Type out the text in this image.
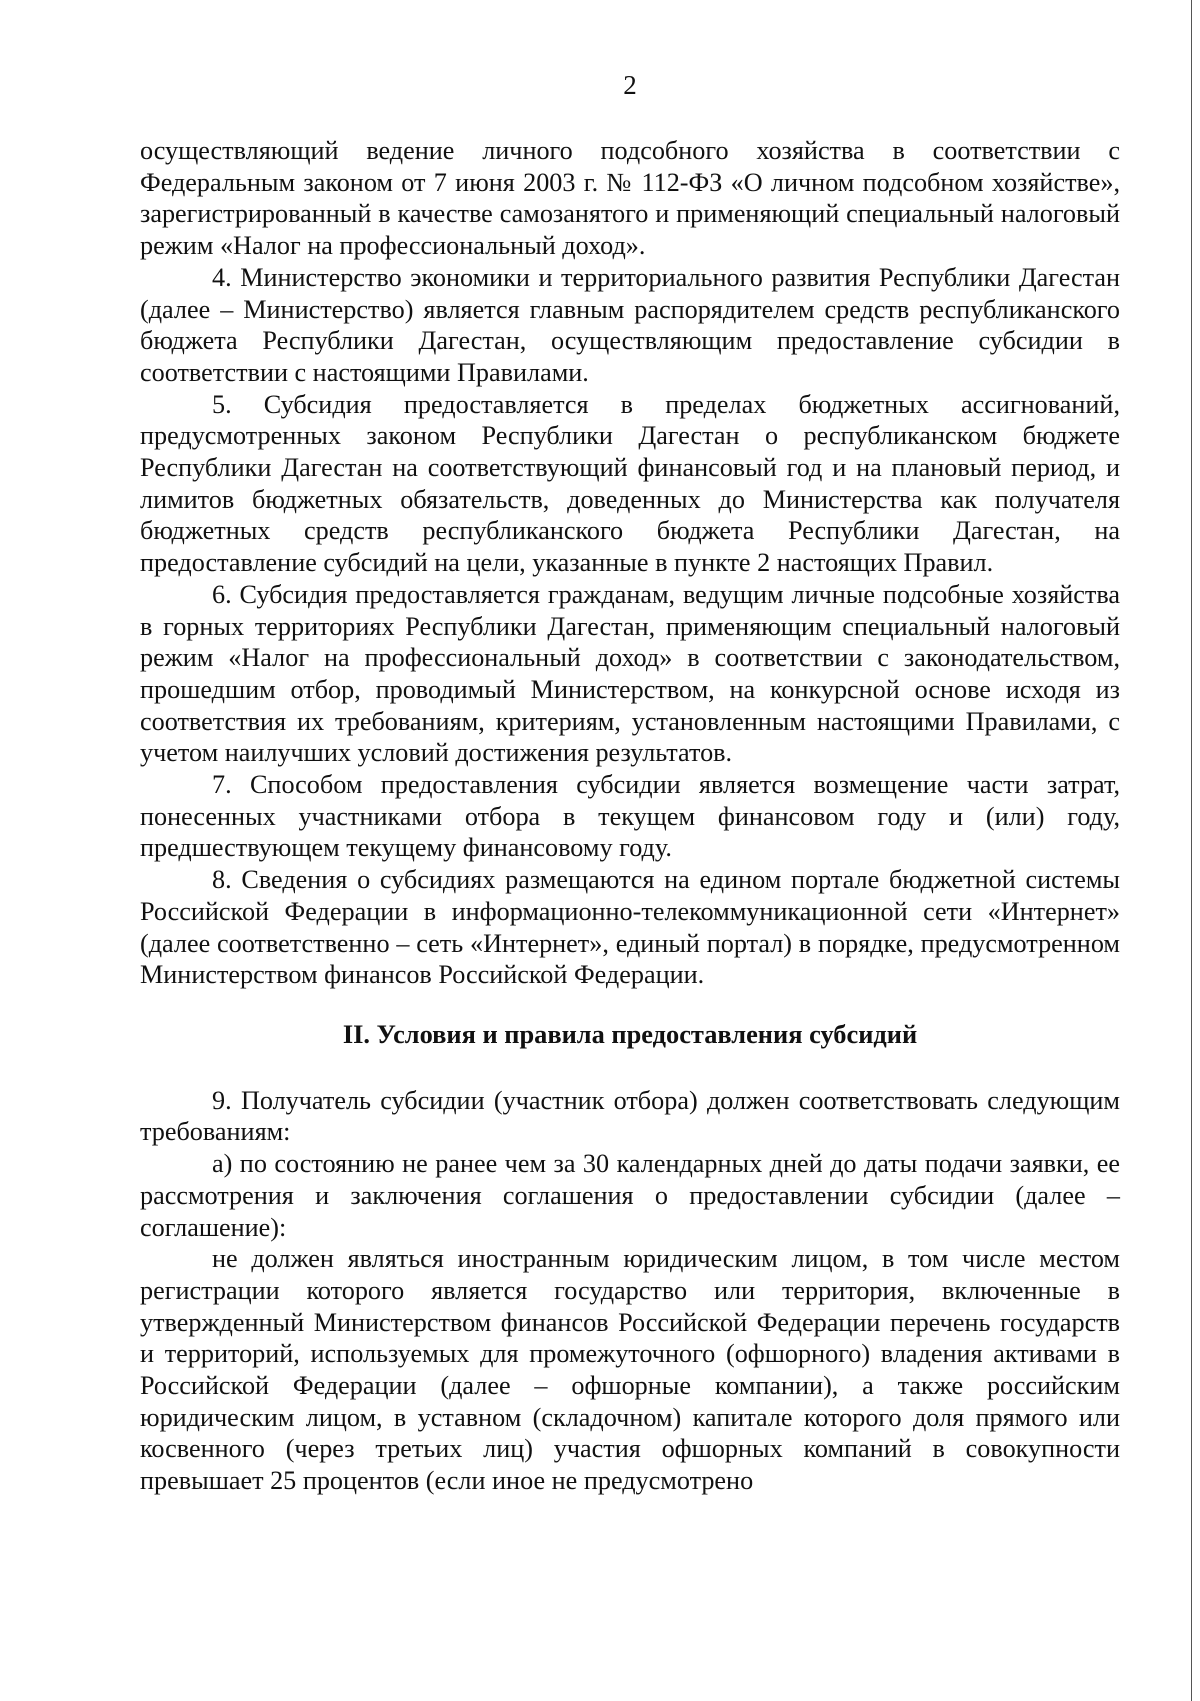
2

осуществляющий ведение личного подсобного хозяйства в соответствии с Федеральным законом от 7 июня 2003 г. № 112-ФЗ «О личном подсобном хозяйстве», зарегистрированный в качестве самозанятого и применяющий специальный налоговый режим «Налог на профессиональный доход».

4. Министерство экономики и территориального развития Республики Дагестан (далее – Министерство) является главным распорядителем средств республиканского бюджета Республики Дагестан, осуществляющим предоставление субсидии в соответствии с настоящими Правилами.

5. Субсидия предоставляется в пределах бюджетных ассигнований, предусмотренных законом Республики Дагестан о республиканском бюджете Республики Дагестан на соответствующий финансовый год и на плановый период, и лимитов бюджетных обязательств, доведенных до Министерства как получателя бюджетных средств республиканского бюджета Республики Дагестан, на предоставление субсидий на цели, указанные в пункте 2 настоящих Правил.

6. Субсидия предоставляется гражданам, ведущим личные подсобные хозяйства в горных территориях Республики Дагестан, применяющим специальный налоговый режим «Налог на профессиональный доход» в соответствии с законодательством, прошедшим отбор, проводимый Министерством, на конкурсной основе исходя из соответствия их требованиям, критериям, установленным настоящими Правилами, с учетом наилучших условий достижения результатов.

7. Способом предоставления субсидии является возмещение части затрат, понесенных участниками отбора в текущем финансовом году и (или) году, предшествующем текущему финансовому году.

8. Сведения о субсидиях размещаются на едином портале бюджетной системы Российской Федерации в информационно-телекоммуникационной сети «Интернет» (далее соответственно – сеть «Интернет», единый портал) в порядке, предусмотренном Министерством финансов Российской Федерации.

II. Условия и правила предоставления субсидий

9. Получатель субсидии (участник отбора) должен соответствовать следующим требованиям:

а) по состоянию не ранее чем за 30 календарных дней до даты подачи заявки, ее рассмотрения и заключения соглашения о предоставлении субсидии (далее – соглашение):

не должен являться иностранным юридическим лицом, в том числе местом регистрации которого является государство или территория, включенные в утвержденный Министерством финансов Российской Федерации перечень государств и территорий, используемых для промежуточного (офшорного) владения активами в Российской Федерации (далее – офшорные компании), а также российским юридическим лицом, в уставном (складочном) капитале которого доля прямого или косвенного (через третьих лиц) участия офшорных компаний в совокупности превышает 25 процентов (если иное не предусмотрено
